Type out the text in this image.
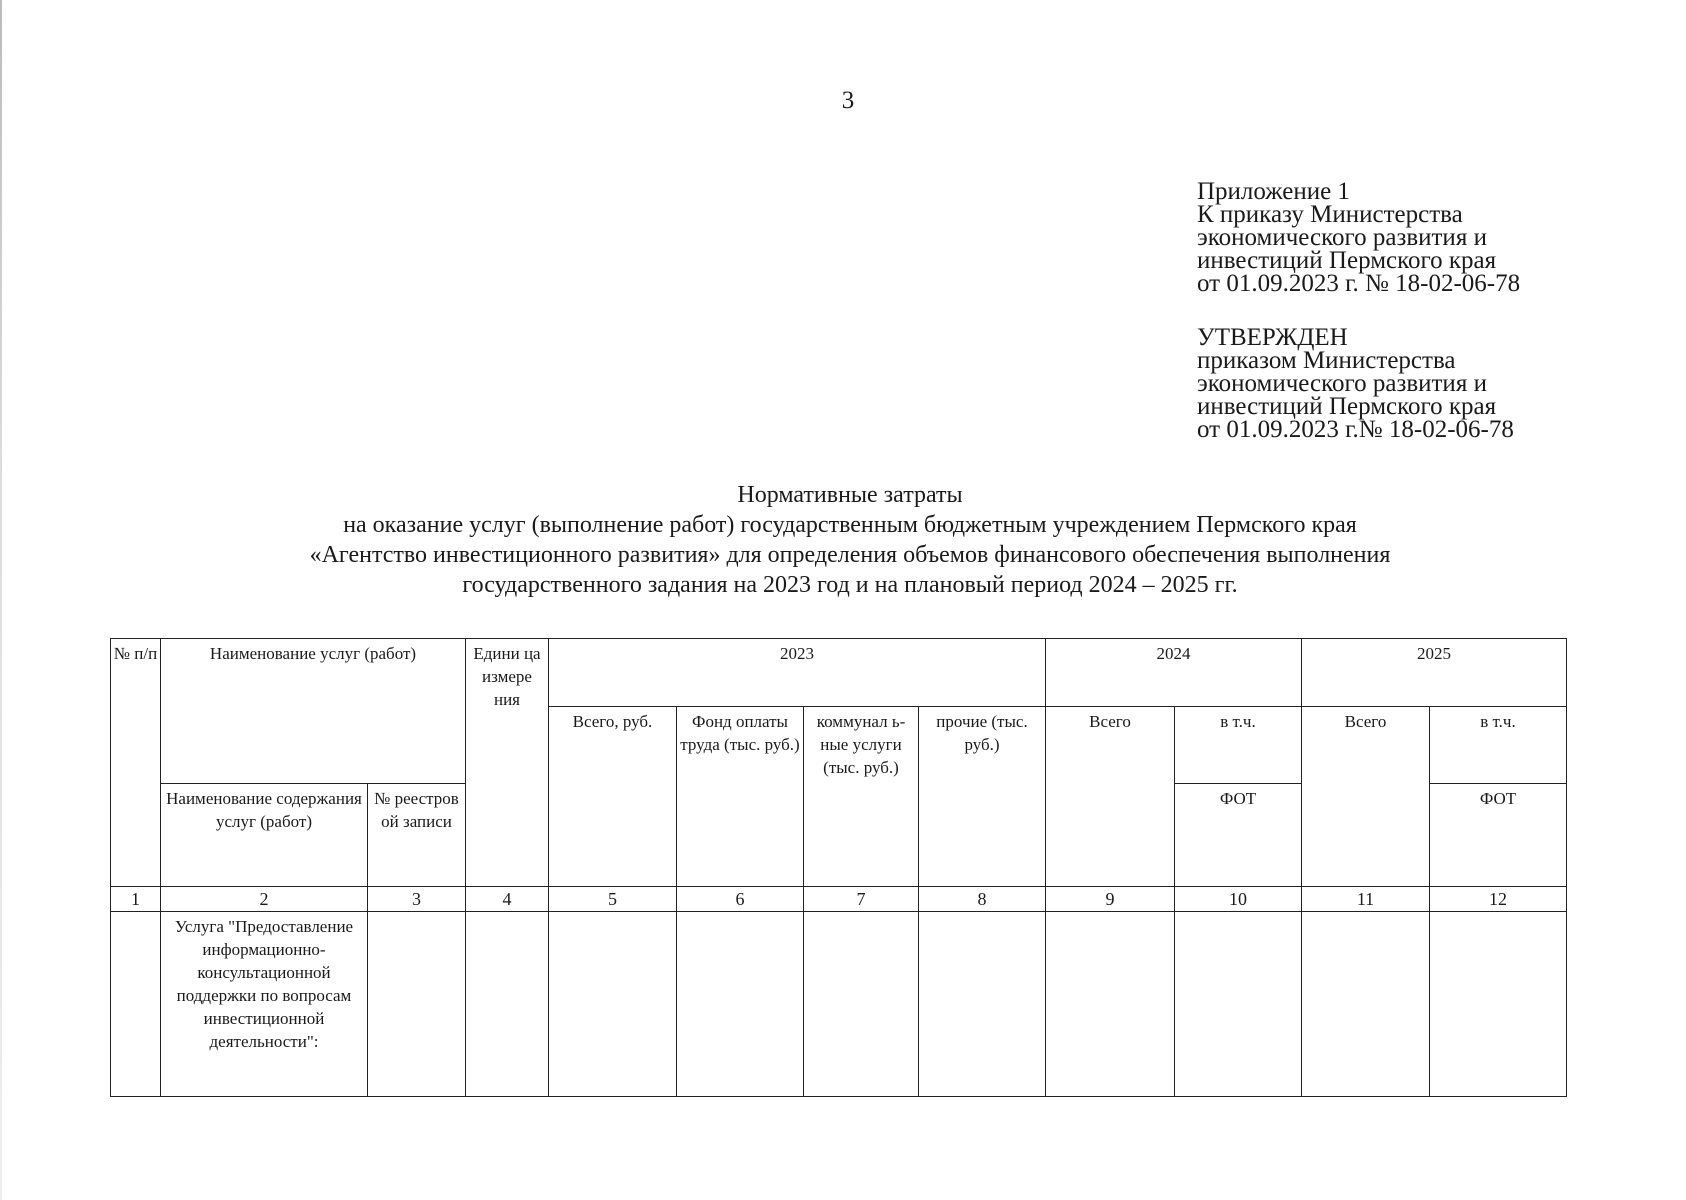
3
Приложение 1
К приказу Министерства
экономического развития и
инвестиций Пермского края
от 01.09.2023 г. № 18-02-06-78
УТВЕРЖДЕН
приказом Министерства
экономического развития и
инвестиций Пермского края
от 01.09.2023 г.№ 18-02-06-78
Нормативные затраты
на оказание услуг (выполнение работ) государственным бюджетным учреждением Пермского края
«Агентство инвестиционного развития» для определения объемов финансового обеспечения выполнения
государственного задания на 2023 год и на плановый период 2024 – 2025 гг.
№ п/п	Наименование услуг (работ)		Едини ца измере ния	2023				2024		2025	
				Всего, руб.	Фонд оплаты труда (тыс. руб.)	коммунал ь-ные услуги (тыс. руб.)	прочие (тыс. руб.)	Всего	в т.ч.	Всего	в т.ч.
	Наименование содержания услуг (работ)	№ реестров ой записи							ФОТ		ФОТ
1	2	3	4	5	6	7	8	9	10	11	12

	Услуга "Предоставление информационно-консультационной поддержки по вопросам инвестиционной деятельности":										
